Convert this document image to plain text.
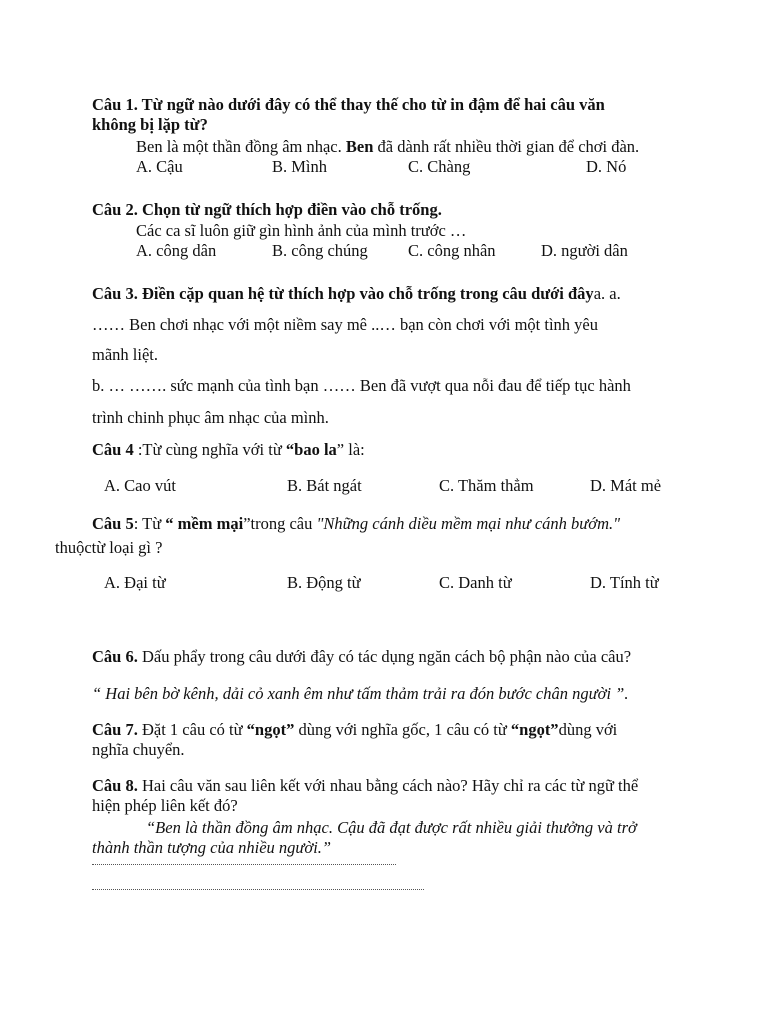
Câu 1. Từ ngữ nào dưới đây có thể thay thế cho từ in đậm để hai câu văn
không bị lặp từ?
Ben là một thần đồng âm nhạc. Ben đã dành rất nhiều thời gian để chơi đàn.
A. Cậu	B. Mình	C. Chàng	D. Nó
Câu 2. Chọn từ ngữ thích hợp điền vào chỗ trống.
Các ca sĩ luôn giữ gìn hình ảnh của mình trước …
A. công dân	B. công chúng C. công nhân	D. người dân
Câu 3. Điền cặp quan hệ từ thích hợp vào chỗ trống trong câu dưới đâya. a.
…… Ben chơi nhạc với một niềm say mê ..… bạn còn chơi với một tình yêu
mãnh liệt.
b. … ……. sức mạnh của tình bạn …… Ben đã vượt qua nỗi đau để tiếp tục hành
trình chinh phục âm nhạc của mình.
Câu 4 :Từ cùng nghĩa với từ “bao la” là:
A. Cao vút	B. Bát ngát	C. Thăm thẳm	D. Mát mẻ
Câu 5: Từ “ mềm mại”trong câu "Những cánh diều mềm mại như cánh bướm."
thuộctừ loại gì ?
A. Đại từ	B. Động từ	C. Danh từ	D. Tính từ
Câu 6. Dấu phẩy trong câu dưới đây có tác dụng ngăn cách bộ phận nào của câu?
“ Hai bên bờ kênh, dải cỏ xanh êm như tấm thảm trải ra đón bước chân người ”.
Câu 7. Đặt 1 câu có từ “ngọt” dùng với nghĩa gốc, 1 câu có từ “ngọt”dùng với
nghĩa chuyển.
Câu 8. Hai câu văn sau liên kết với nhau bằng cách nào? Hãy chỉ ra các từ ngữ thể
hiện phép liên kết đó?
“Ben là thần đồng âm nhạc. Cậu đã đạt được rất nhiều giải thưởng và trở
thành thần tượng của nhiều người.”
